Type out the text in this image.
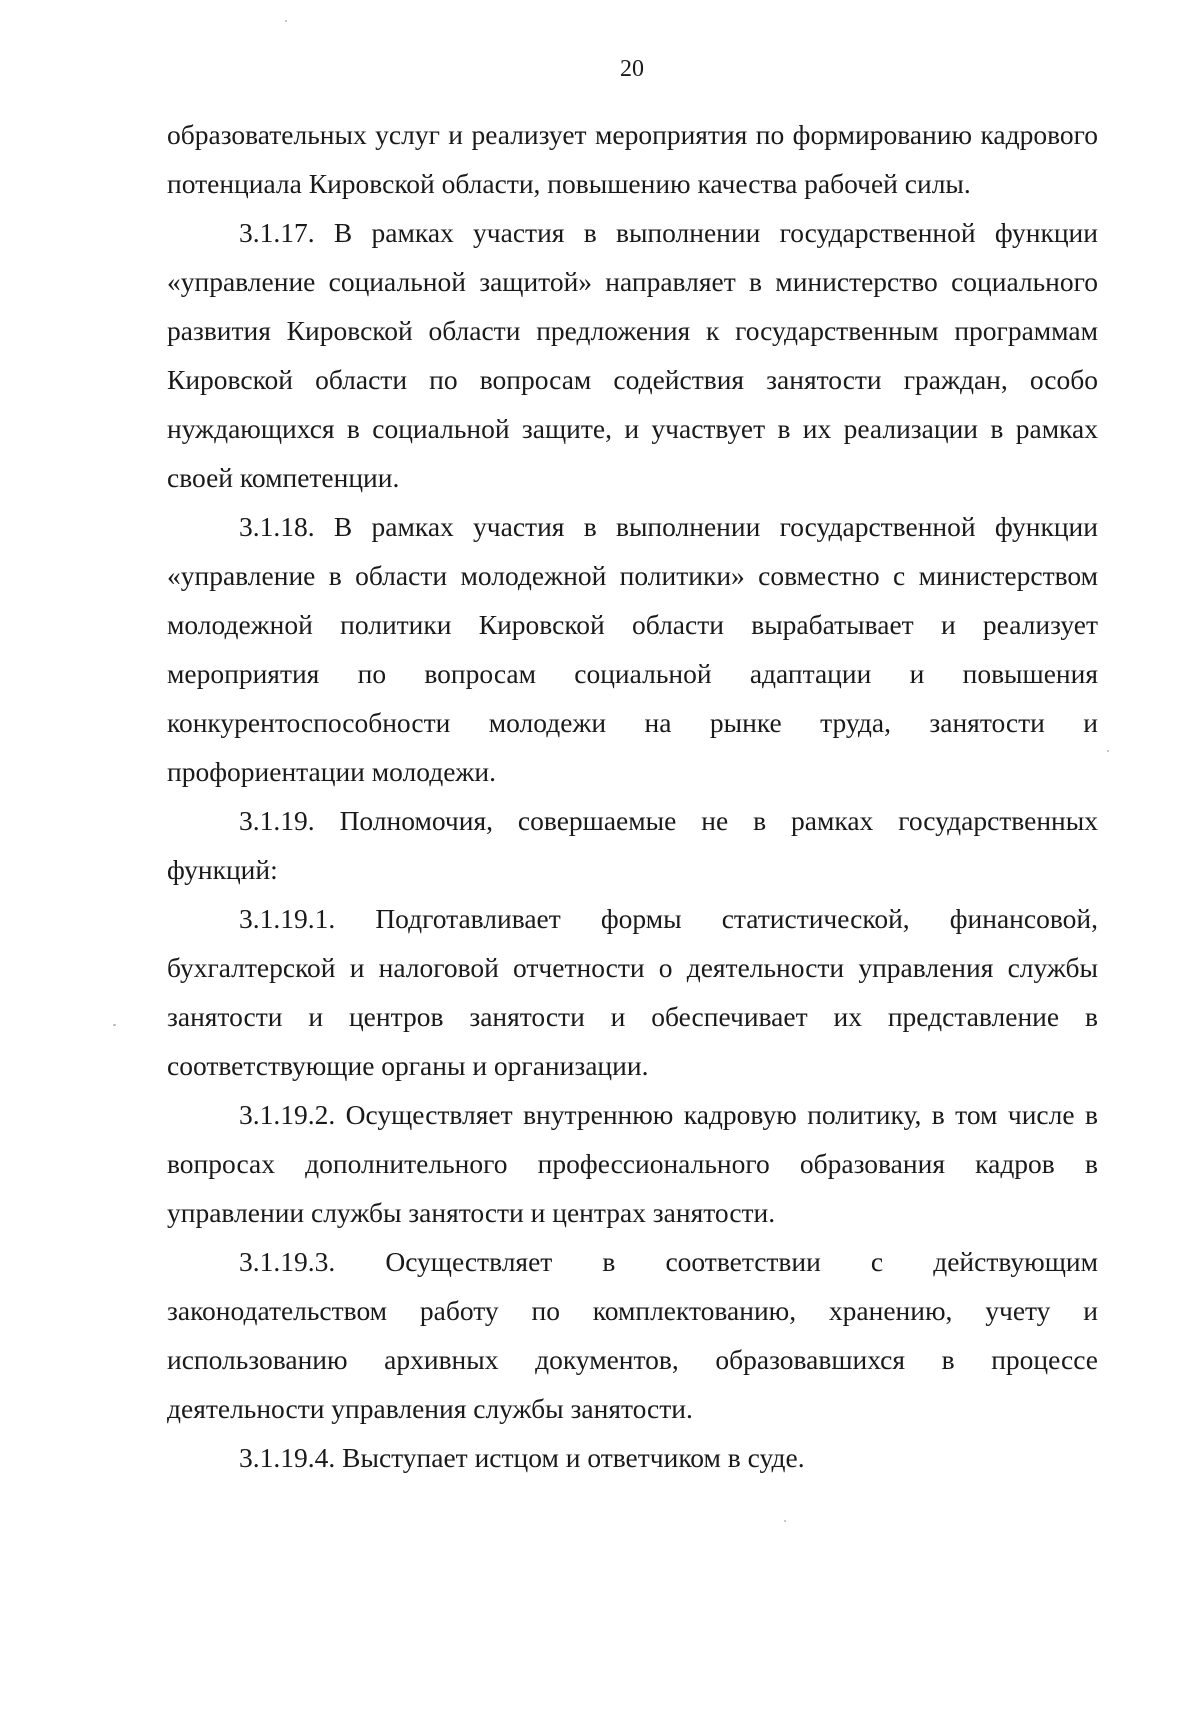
20

образовательных услуг и реализует мероприятия по формированию кадрового потенциала Кировской области, повышению качества рабочей силы.

3.1.17. В рамках участия в выполнении государственной функции «управление социальной защитой» направляет в министерство социального развития Кировской области предложения к государственным программам Кировской области по вопросам содействия занятости граждан, особо нуждающихся в социальной защите, и участвует в их реализации в рамках своей компетенции.

3.1.18. В рамках участия в выполнении государственной функции «управление в области молодежной политики» совместно с министерством молодежной политики Кировской области вырабатывает и реализует мероприятия по вопросам социальной адаптации и повышения конкурентоспособности молодежи на рынке труда, занятости и профориентации молодежи.

3.1.19. Полномочия, совершаемые не в рамках государственных функций:

3.1.19.1. Подготавливает формы статистической, финансовой, бухгалтерской и налоговой отчетности о деятельности управления службы занятости и центров занятости и обеспечивает их представление в соответствующие органы и организации.

3.1.19.2. Осуществляет внутреннюю кадровую политику, в том числе в вопросах дополнительного профессионального образования кадров в управлении службы занятости и центрах занятости.

3.1.19.3. Осуществляет в соответствии с действующим законодательством работу по комплектованию, хранению, учету и использованию архивных документов, образовавшихся в процессе деятельности управления службы занятости.

3.1.19.4. Выступает истцом и ответчиком в суде.
